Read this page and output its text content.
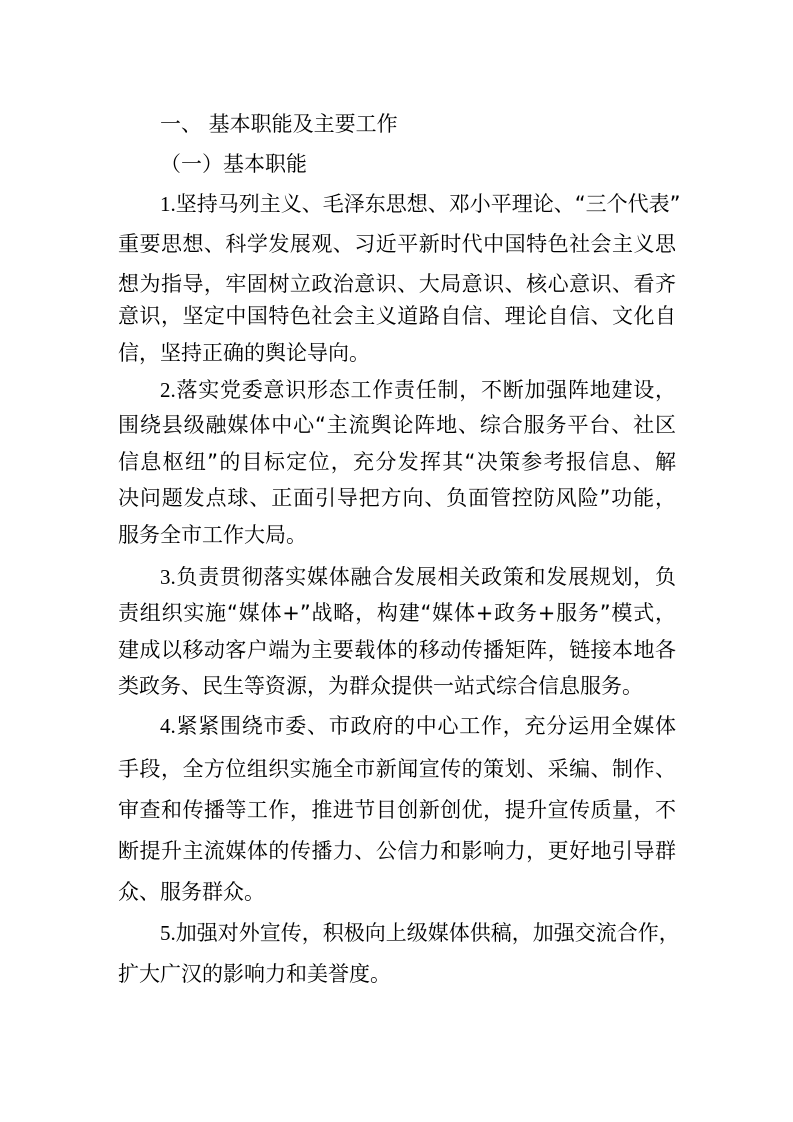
一、 基本职能及主要工作
（一）基本职能
1.坚持马列主义、毛泽东思想、邓小平理论、“三个代表”
重要思想、科学发展观、习近平新时代中国特色社会主义思
想为指导，牢固树立政治意识、大局意识、核心意识、看齐
意识，坚定中国特色社会主义道路自信、理论自信、文化自
信，坚持正确的舆论导向。
2.落实党委意识形态工作责任制，不断加强阵地建设，
围绕县级融媒体中心“主流舆论阵地、综合服务平台、社区
信息枢纽”的目标定位，充分发挥其“决策参考报信息、解
决问题发点球、正面引导把方向、负面管控防风险”功能，
服务全市工作大局。
3.负责贯彻落实媒体融合发展相关政策和发展规划，负
责组织实施“媒体+”战略，构建“媒体+政务+服务”模式，
建成以移动客户端为主要载体的移动传播矩阵，链接本地各
类政务、民生等资源，为群众提供一站式综合信息服务。
4.紧紧围绕市委、市政府的中心工作，充分运用全媒体
手段，全方位组织实施全市新闻宣传的策划、采编、制作、
审查和传播等工作，推进节目创新创优，提升宣传质量，不
断提升主流媒体的传播力、公信力和影响力，更好地引导群
众、服务群众。
5.加强对外宣传，积极向上级媒体供稿，加强交流合作，
扩大广汉的影响力和美誉度。
